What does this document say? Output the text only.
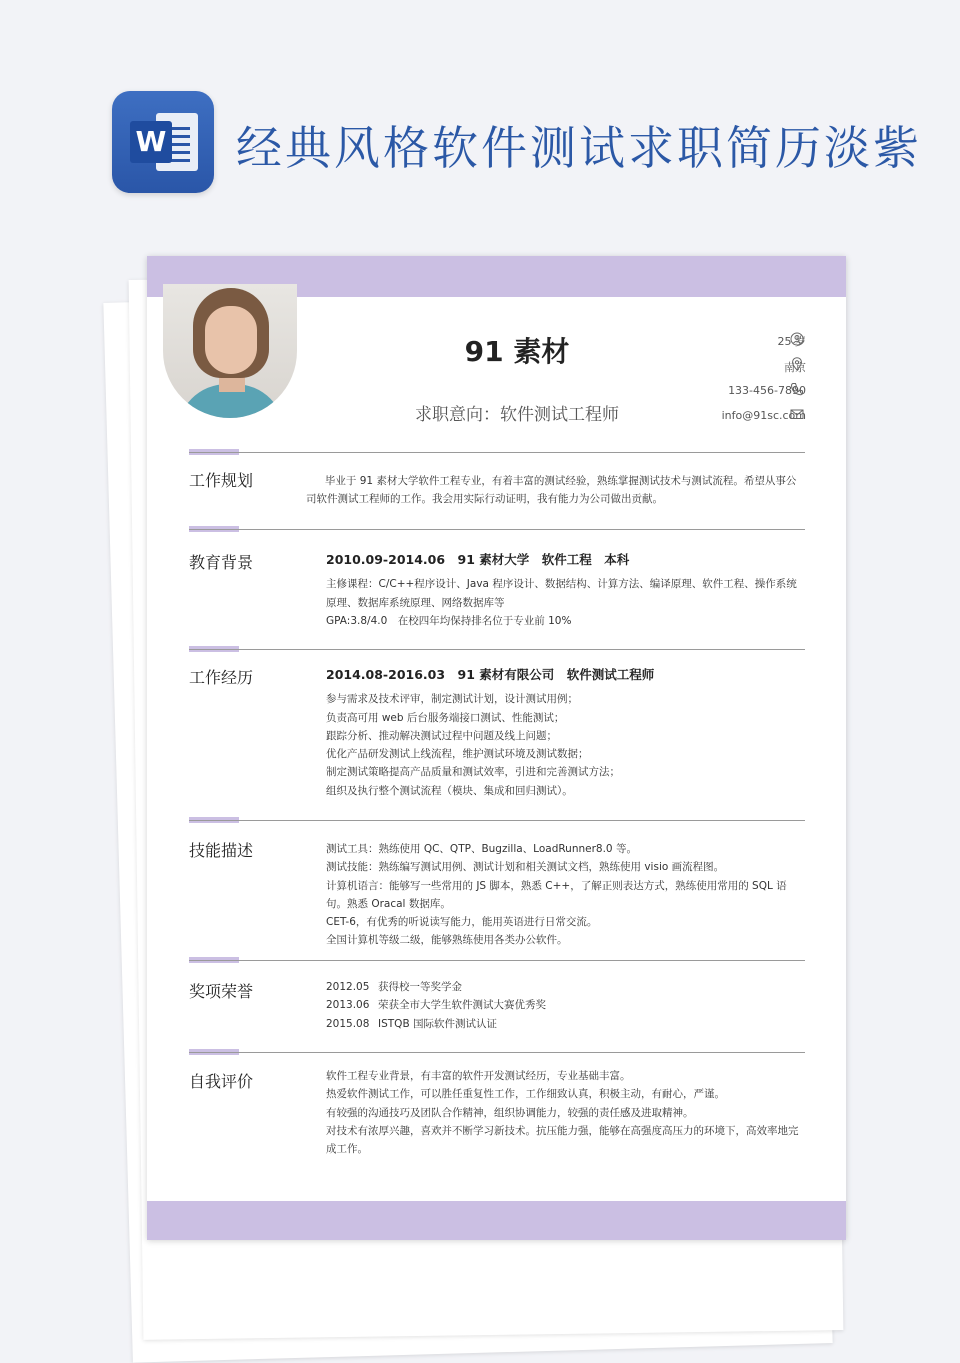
W 经典风格软件测试求职简历淡紫
91 素材
求职意向：软件测试工程师
25 岁
南京
133-456-7890
info@91sc.com
工作规划	毕业于 91 素材大学软件工程专业，有着丰富的测试经验，熟练掌握测试技术与测试流程。希望从事公司软件测试工程师的工作。我会用实际行动证明，我有能力为公司做出贡献。
教育背景	2010.09-2014.06　91 素材大学　软件工程　本科
主修课程：C/C++程序设计、Java 程序设计、数据结构、计算方法、编译原理、软件工程、操作系统原理、数据库系统原理、网络数据库等
GPA:3.8/4.0　在校四年均保持排名位于专业前 10%
工作经历	2014.08-2016.03　91 素材有限公司　软件测试工程师
参与需求及技术评审，制定测试计划，设计测试用例；
负责高可用 web 后台服务端接口测试、性能测试；
跟踪分析、推动解决测试过程中问题及线上问题；
优化产品研发测试上线流程，维护测试环境及测试数据；
制定测试策略提高产品质量和测试效率，引进和完善测试方法；
组织及执行整个测试流程（模块、集成和回归测试）。
技能描述	测试工具：熟练使用 QC、QTP、Bugzilla、LoadRunner8.0 等。
测试技能：熟练编写测试用例、测试计划和相关测试文档，熟练使用 visio 画流程图。
计算机语言：能够写一些常用的 JS 脚本，熟悉 C++，了解正则表达方式，熟练使用常用的 SQL 语句。熟悉 Oracal 数据库。
CET-6，有优秀的听说读写能力，能用英语进行日常交流。
全国计算机等级二级，能够熟练使用各类办公软件。
奖项荣誉	2012.05 获得校一等奖学金
2013.06 荣获全市大学生软件测试大赛优秀奖
2015.08 ISTQB 国际软件测试认证
自我评价	软件工程专业背景，有丰富的软件开发测试经历，专业基础丰富。
热爱软件测试工作，可以胜任重复性工作，工作细致认真，积极主动，有耐心，严谨。
有较强的沟通技巧及团队合作精神，组织协调能力，较强的责任感及进取精神。
对技术有浓厚兴趣，喜欢并不断学习新技术。抗压能力强，能够在高强度高压力的环境下，高效率地完成工作。
